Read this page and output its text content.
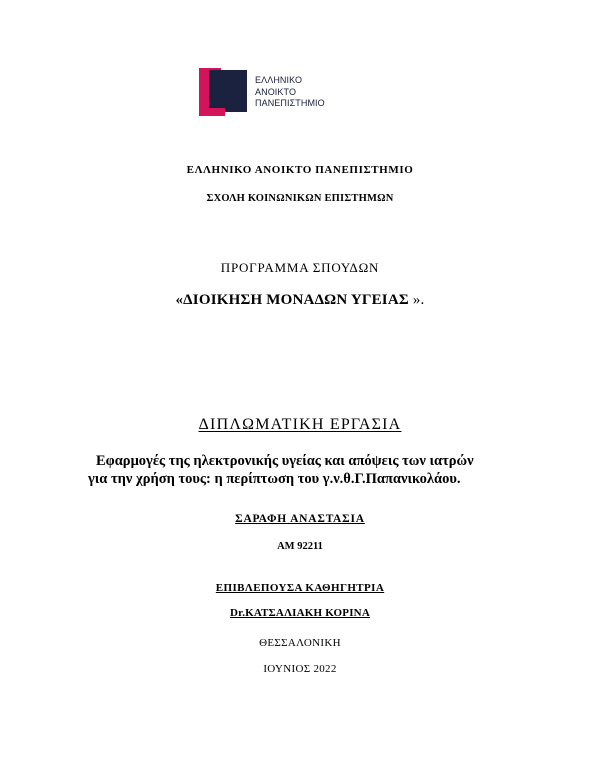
ΕΛΛΗΝΙΚΟ
ΑΝΟΙΚΤΟ
ΠΑΝΕΠΙΣΤΗΜΙΟ
ΕΛΛΗΝΙΚΟ ΑΝΟΙΚΤΟ ΠΑΝΕΠΙΣΤΗΜΙΟ
ΣΧΟΛΗ ΚΟΙΝΩΝΙΚΩΝ ΕΠΙΣΤΗΜΩΝ
ΠΡΟΓΡΑΜΜΑ ΣΠΟΥΔΩΝ
«ΔΙΟΙΚΗΣΗ ΜΟΝΑΔΩΝ ΥΓΕΙΑΣ ».
ΔΙΠΛΩΜΑΤΙΚΗ ΕΡΓΑΣΙΑ
Εφαρμογές της ηλεκτρονικής υγείας και απόψεις των ιατρών
για την χρήση τους: η περίπτωση του γ.ν.θ.Γ.Παπανικολάου.
ΣΑΡΑΦΗ ΑΝΑΣΤΑΣΙΑ
ΑΜ 92211
ΕΠΙΒΛΕΠΟΥΣΑ ΚΑΘΗΓΗΤΡΙΑ
Dr.ΚΑΤΣΑΛΙΑΚΗ ΚΟΡΙΝΑ
ΘΕΣΣΑΛΟΝΙΚΗ
ΙΟΥΝΙΟΣ 2022
